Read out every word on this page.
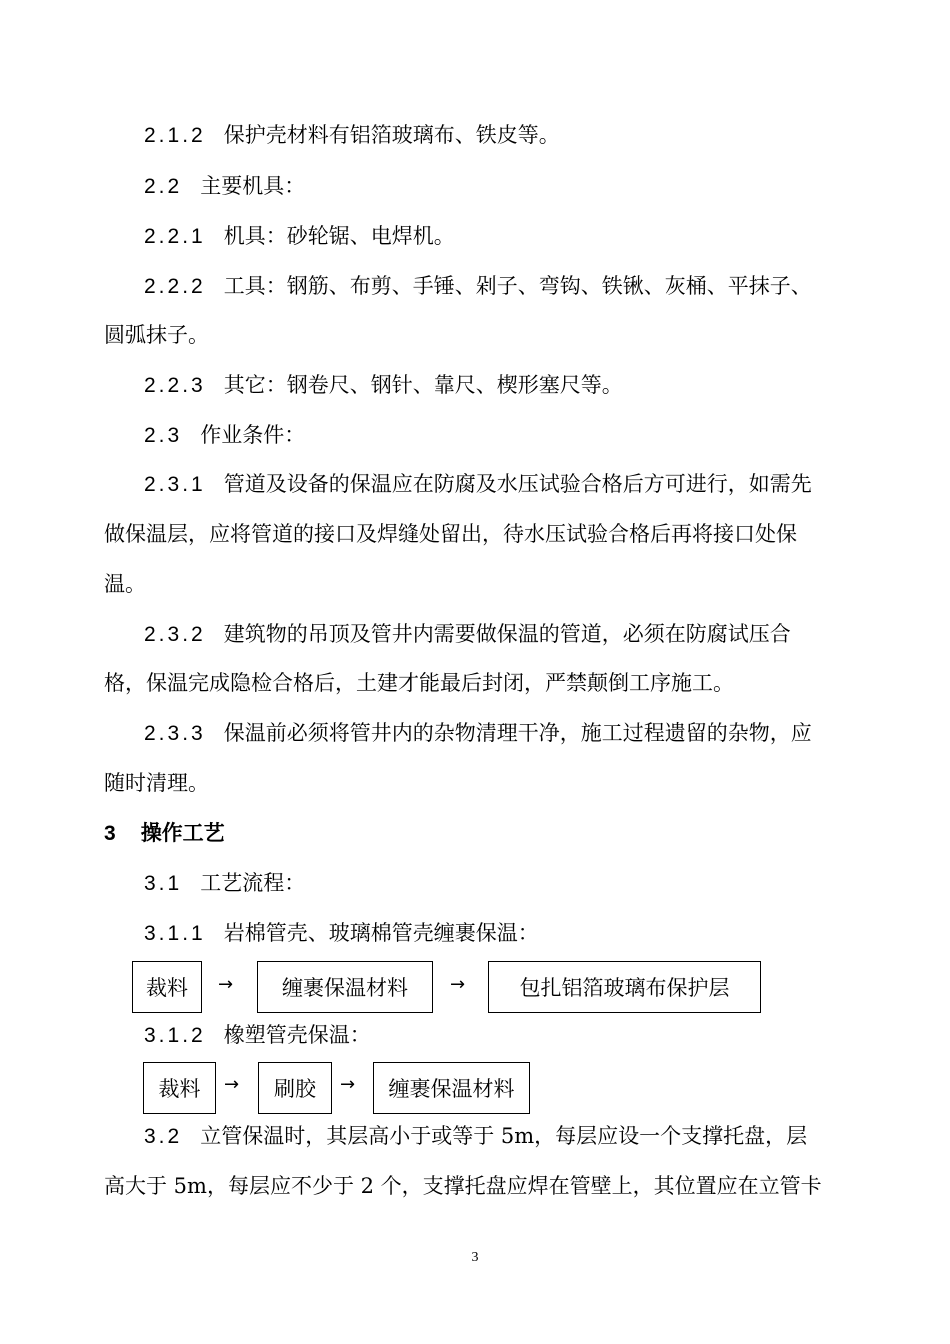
2.1.2 保护壳材料有铝箔玻璃布、铁皮等。
2.2 主要机具：
2.2.1 机具：砂轮锯、电焊机。
2.2.2 工具：钢筋、布剪、手锤、剁子、弯钩、铁锹、灰桶、平抹子、
圆弧抹子。
2.2.3 其它：钢卷尺、钢针、靠尺、楔形塞尺等。
2.3 作业条件：
2.3.1 管道及设备的保温应在防腐及水压试验合格后方可进行，如需先
做保温层，应将管道的接口及焊缝处留出，待水压试验合格后再将接口处保
温。
2.3.2 建筑物的吊顶及管井内需要做保温的管道，必须在防腐试压合
格，保温完成隐检合格后，土建才能最后封闭，严禁颠倒工序施工。
2.3.3 保温前必须将管井内的杂物清理干净，施工过程遗留的杂物，应
随时清理。
3 操作工艺
3.1 工艺流程：
3.1.1 岩棉管壳、玻璃棉管壳缠裹保温：
裁料	→	缠裹保温材料	→	包扎铝箔玻璃布保护层
3.1.2 橡塑管壳保温：
裁料	→	刷胶	→	缠裹保温材料
3.2 立管保温时，其层高小于或等于 5m，每层应设一个支撑托盘，层
高大于 5m，每层应不少于 2 个，支撑托盘应焊在管壁上，其位置应在立管卡
3
